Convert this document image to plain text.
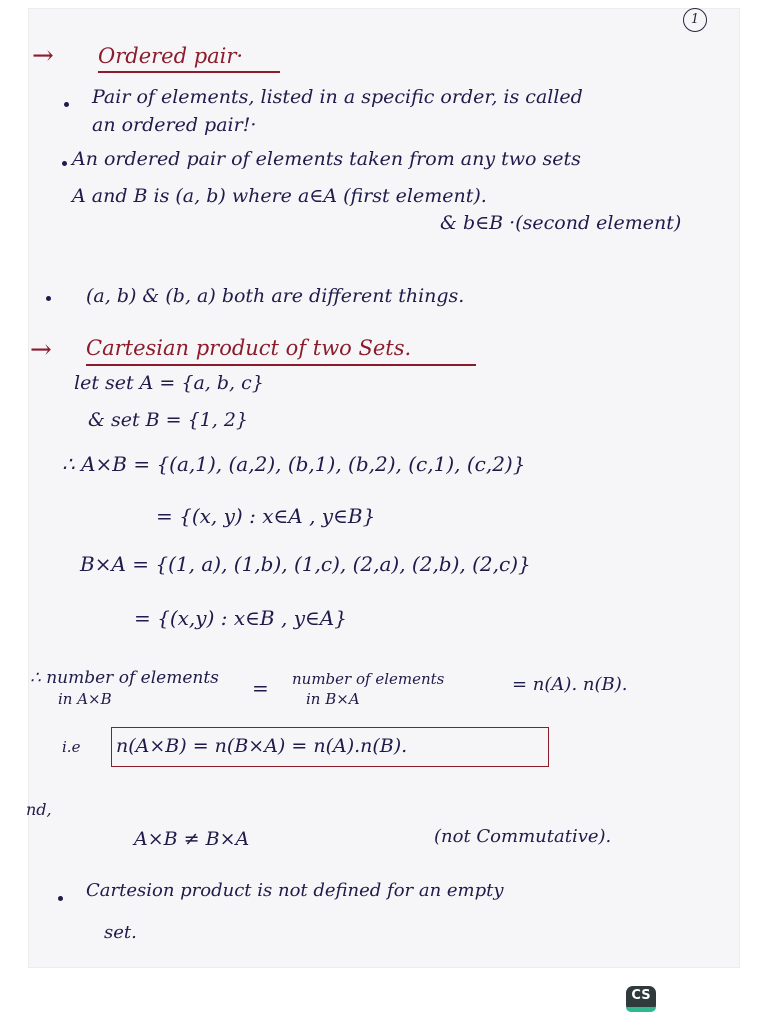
1
→ Ordered pair·
Pair of elements, listed in a specific order, is called
an ordered pair!·
An ordered pair of elements taken from any two sets
A and B is (a, b) where a∈A (first element).
& b∈B ·(second element)
(a, b) & (b, a) both are different things.
→ Cartesian product of two Sets.
let set A = {a, b, c}
& set B = {1, 2}
∴ A×B = {(a,1), (a,2), (b,1), (b,2), (c,1), (c,2)}
= {(x, y) : x∈A , y∈B}
B×A = {(1, a), (1,b), (1,c), (2,a), (2,b), (2,c)}
= {(x,y) : x∈B , y∈A}
∴ number of elements
in A×B	= number of elements
in B×A
= n(A). n(B).
i.e n(A×B) = n(B×A) = n(A).n(B).
nd,
A×B ≠ B×A	(not Commutative).
Cartesion product is not defined for an empty
set.
CS
